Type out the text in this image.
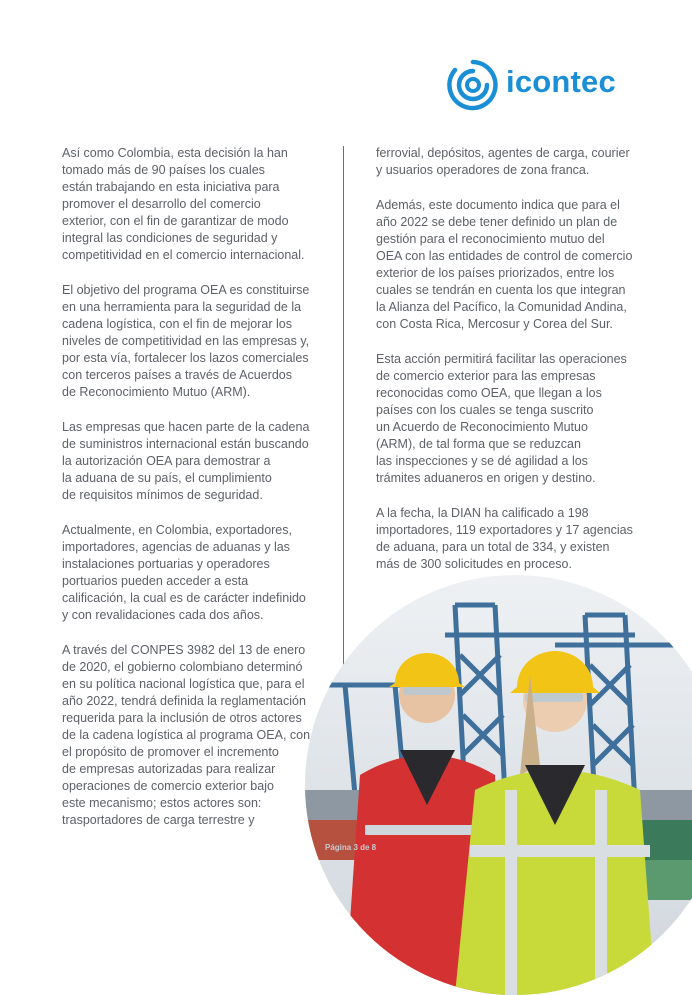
icontec

Así como Colombia, esta decisión la han
tomado más de 90 países los cuales
están trabajando en esta iniciativa para
promover el desarrollo del comercio
exterior, con el fin de garantizar de modo
integral las condiciones de seguridad y
competitividad en el comercio internacional.

El objetivo del programa OEA es constituirse
en una herramienta para la seguridad de la
cadena logística, con el fin de mejorar los
niveles de competitividad en las empresas y,
por esta vía, fortalecer los lazos comerciales
con terceros países a través de Acuerdos
de Reconocimiento Mutuo (ARM).

Las empresas que hacen parte de la cadena
de suministros internacional están buscando
la autorización OEA para demostrar a
la aduana de su país, el cumplimiento
de requisitos mínimos de seguridad.

Actualmente, en Colombia, exportadores,
importadores, agencias de aduanas y las
instalaciones portuarias y operadores
portuarios pueden acceder a esta
calificación, la cual es de carácter indefinido
y con revalidaciones cada dos años.

A través del CONPES 3982 del 13 de enero
de 2020, el gobierno colombiano determinó
en su política nacional logística que, para el
año 2022, tendrá definida la reglamentación
requerida para la inclusión de otros actores
de la cadena logística al programa OEA, con
el propósito de promover el incremento
de empresas autorizadas para realizar
operaciones de comercio exterior bajo
este mecanismo; estos actores son:
trasportadores de carga terrestre y

ferrovial, depósitos, agentes de carga, courier
y usuarios operadores de zona franca.

Además, este documento indica que para el
año 2022 se debe tener definido un plan de
gestión para el reconocimiento mutuo del
OEA con las entidades de control de comercio
exterior de los países priorizados, entre los
cuales se tendrán en cuenta los que integran
la Alianza del Pacífico, la Comunidad Andina,
con Costa Rica, Mercosur y Corea del Sur.

Esta acción permitirá facilitar las operaciones
de comercio exterior para las empresas
reconocidas como OEA, que llegan a los
países con los cuales se tenga suscrito
un Acuerdo de Reconocimiento Mutuo
(ARM), de tal forma que se reduzcan
las inspecciones y se dé agilidad a los
trámites aduaneros en origen y destino.

A la fecha, la DIAN ha calificado a 198
importadores, 119 exportadores y 17 agencias
de aduana, para un total de 334, y existen
más de 300 solicitudes en proceso.

Página 3 de 8
